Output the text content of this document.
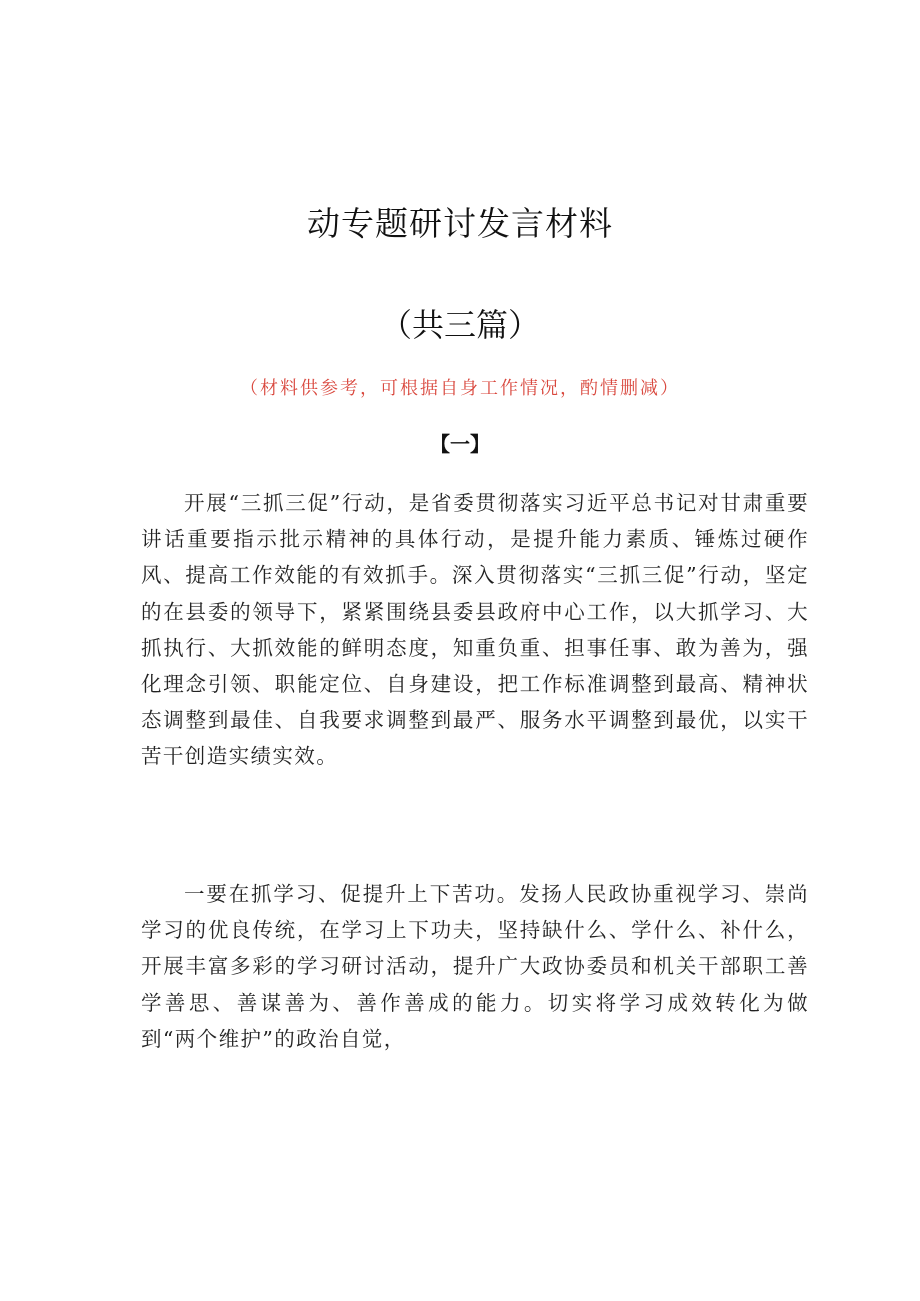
动专题研讨发言材料
（共三篇）
（材料供参考，可根据自身工作情况，酌情删减）
【一】

开展“三抓三促”行动，是省委贯彻落实习近平总书记对甘肃重要讲话重要指示批示精神的具体行动，是提升能力素质、锤炼过硬作风、提高工作效能的有效抓手。深入贯彻落实“三抓三促”行动，坚定的在县委的领导下，紧紧围绕县委县政府中心工作，以大抓学习、大抓执行、大抓效能的鲜明态度，知重负重、担事任事、敢为善为，强化理念引领、职能定位、自身建设，把工作标准调整到最高、精神状态调整到最佳、自我要求调整到最严、服务水平调整到最优，以实干苦干创造实绩实效。

一要在抓学习、促提升上下苦功。发扬人民政协重视学习、崇尚学习的优良传统，在学习上下功夫，坚持缺什么、学什么、补什么，开展丰富多彩的学习研讨活动，提升广大政协委员和机关干部职工善学善思、善谋善为、善作善成的能力。切实将学习成效转化为做到“两个维护”的政治自觉，
